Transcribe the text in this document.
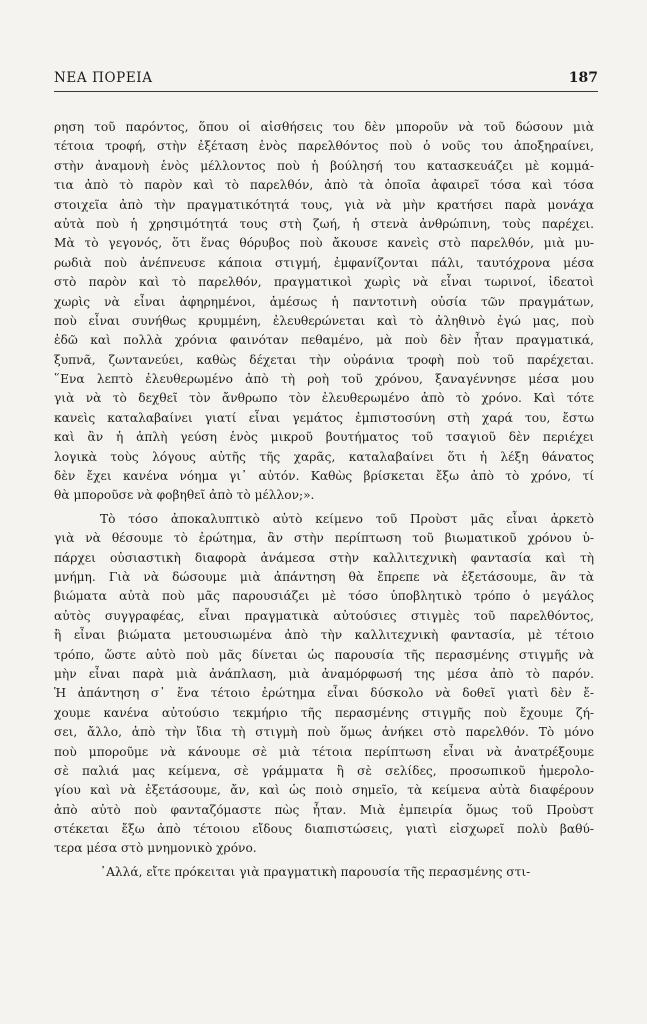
ΝΕΑ ΠΟΡΕΙΑ	187
ρηση τοῦ παρόντος, ὅπου οἱ αἰσθήσεις του δὲν μποροῦν νὰ τοῦ δώσουν μιὰ
τέτοια τροφή, στὴν ἐξέταση ἑνὸς παρελθόντος ποὺ ὁ νοῦς του ἀποξηραίνει,
στὴν ἀναμονὴ ἑνὸς μέλλοντος ποὺ ἡ βούλησή του κατασκευάζει μὲ κομμά-
τια ἀπὸ τὸ παρὸν καὶ τὸ παρελθόν, ἀπὸ τὰ ὁποῖα ἀφαιρεῖ τόσα καὶ τόσα
στοιχεῖα ἀπὸ τὴν πραγματικότητά τους, γιὰ νὰ μὴν κρατήσει παρὰ μονάχα
αὐτὰ ποὺ ἡ χρησιμότητά τους στὴ ζωή, ἡ στενὰ ἀνθρώπινη, τοὺς παρέχει.
Μὰ τὸ γεγονός, ὅτι ἕνας θόρυβος ποὺ ἄκουσε κανεὶς στὸ παρελθόν, μιὰ μυ-
ρωδιὰ ποὺ ἀνέπνευσε κάποια στιγμή, ἐμφανίζονται πάλι, ταυτόχρονα μέσα
στὸ παρὸν καὶ τὸ παρελθόν, πραγματικοὶ χωρὶς νὰ εἶναι τωρινοί, ἰδεατοὶ
χωρὶς νὰ εἶναι ἀφηρημένοι, ἀμέσως ἡ παντοτινὴ οὐσία τῶν πραγμάτων,
ποὺ εἶναι συνήθως κρυμμένη, ἐλευθερώνεται καὶ τὸ ἀληθινὸ ἐγώ μας, ποὺ
ἐδῶ καὶ πολλὰ χρόνια φαινόταν πεθαμένο, μὰ ποὺ δὲν ἦταν πραγματικά,
ξυπνᾶ, ζωντανεύει, καθὼς δέχεται τὴν οὐράνια τροφὴ ποὺ τοῦ παρέχεται.
῞Ενα λεπτὸ ἐλευθερωμένο ἀπὸ τὴ ροὴ τοῦ χρόνου, ξαναγέννησε μέσα μου
γιὰ νὰ τὸ δεχθεῖ τὸν ἄνθρωπο τὸν ἐλευθερωμένο ἀπὸ τὸ χρόνο. Καὶ τότε
κανεὶς καταλαβαίνει γιατί εἶναι γεμάτος ἐμπιστοσύνη στὴ χαρά του, ἔστω
καὶ ἂν ἡ ἁπλὴ γεύση ἑνὸς μικροῦ βουτήματος τοῦ τσαγιοῦ δὲν περιέχει
λογικὰ τοὺς λόγους αὐτῆς τῆς χαρᾶς, καταλαβαίνει ὅτι ἡ λέξη θάνατος
δὲν ἔχει κανένα νόημα γι᾽ αὐτόν. Καθὼς βρίσκεται ἔξω ἀπὸ τὸ χρόνο, τί
θὰ μποροῦσε νὰ φοβηθεῖ ἀπὸ τὸ μέλλον;».
Τὸ τόσο ἀποκαλυπτικὸ αὐτὸ κείμενο τοῦ Προὺστ μᾶς εἶναι ἀρκετὸ
γιὰ νὰ θέσουμε τὸ ἐρώτημα, ἂν στὴν περίπτωση τοῦ βιωματικοῦ χρόνου ὑ-
πάρχει οὐσιαστικὴ διαφορὰ ἀνάμεσα στὴν καλλιτεχνικὴ φαντασία καὶ τὴ
μνήμη. Γιὰ νὰ δώσουμε μιὰ ἀπάντηση θὰ ἔπρεπε νὰ ἐξετάσουμε, ἂν τὰ
βιώματα αὐτὰ ποὺ μᾶς παρουσιάζει μὲ τόσο ὑποβλητικὸ τρόπο ὁ μεγάλος
αὐτὸς συγγραφέας, εἶναι πραγματικὰ αὐτούσιες στιγμὲς τοῦ παρελθόντος,
ἢ εἶναι βιώματα μετουσιωμένα ἀπὸ τὴν καλλιτεχνικὴ φαντασία, μὲ τέτοιο
τρόπο, ὥστε αὐτὸ ποὺ μᾶς δίνεται ὡς παρουσία τῆς περασμένης στιγμῆς νὰ
μὴν εἶναι παρὰ μιὰ ἀνάπλαση, μιὰ ἀναμόρφωσή της μέσα ἀπὸ τὸ παρόν.
Ἡ ἀπάντηση σ᾽ ἕνα τέτοιο ἐρώτημα εἶναι δύσκολο νὰ δοθεῖ γιατὶ δὲν ἔ-
χουμε κανένα αὐτούσιο τεκμήριο τῆς περασμένης στιγμῆς ποὺ ἔχουμε ζή-
σει, ἄλλο, ἀπὸ τὴν ἴδια τὴ στιγμὴ ποὺ ὅμως ἀνήκει στὸ παρελθόν. Τὸ μόνο
ποὺ μποροῦμε νὰ κάνουμε σὲ μιὰ τέτοια περίπτωση εἶναι νὰ ἀνατρέξουμε
σὲ παλιά μας κείμενα, σὲ γράμματα ἢ σὲ σελίδες, προσωπικοῦ ἡμερολο-
γίου καὶ νὰ ἐξετάσουμε, ἄν, καὶ ὡς ποιὸ σημεῖο, τὰ κείμενα αὐτὰ διαφέρουν
ἀπὸ αὐτὸ ποὺ φανταζόμαστε πὼς ἦταν. Μιὰ ἐμπειρία ὅμως τοῦ Προὺστ
στέκεται ἔξω ἀπὸ τέτοιου εἴδους διαπιστώσεις, γιατὶ εἰσχωρεῖ πολὺ βαθύ-
τερα μέσα στὸ μνημονικὸ χρόνο.
᾽Αλλά, εἴτε πρόκειται γιὰ πραγματικὴ παρουσία τῆς περασμένης στι-
